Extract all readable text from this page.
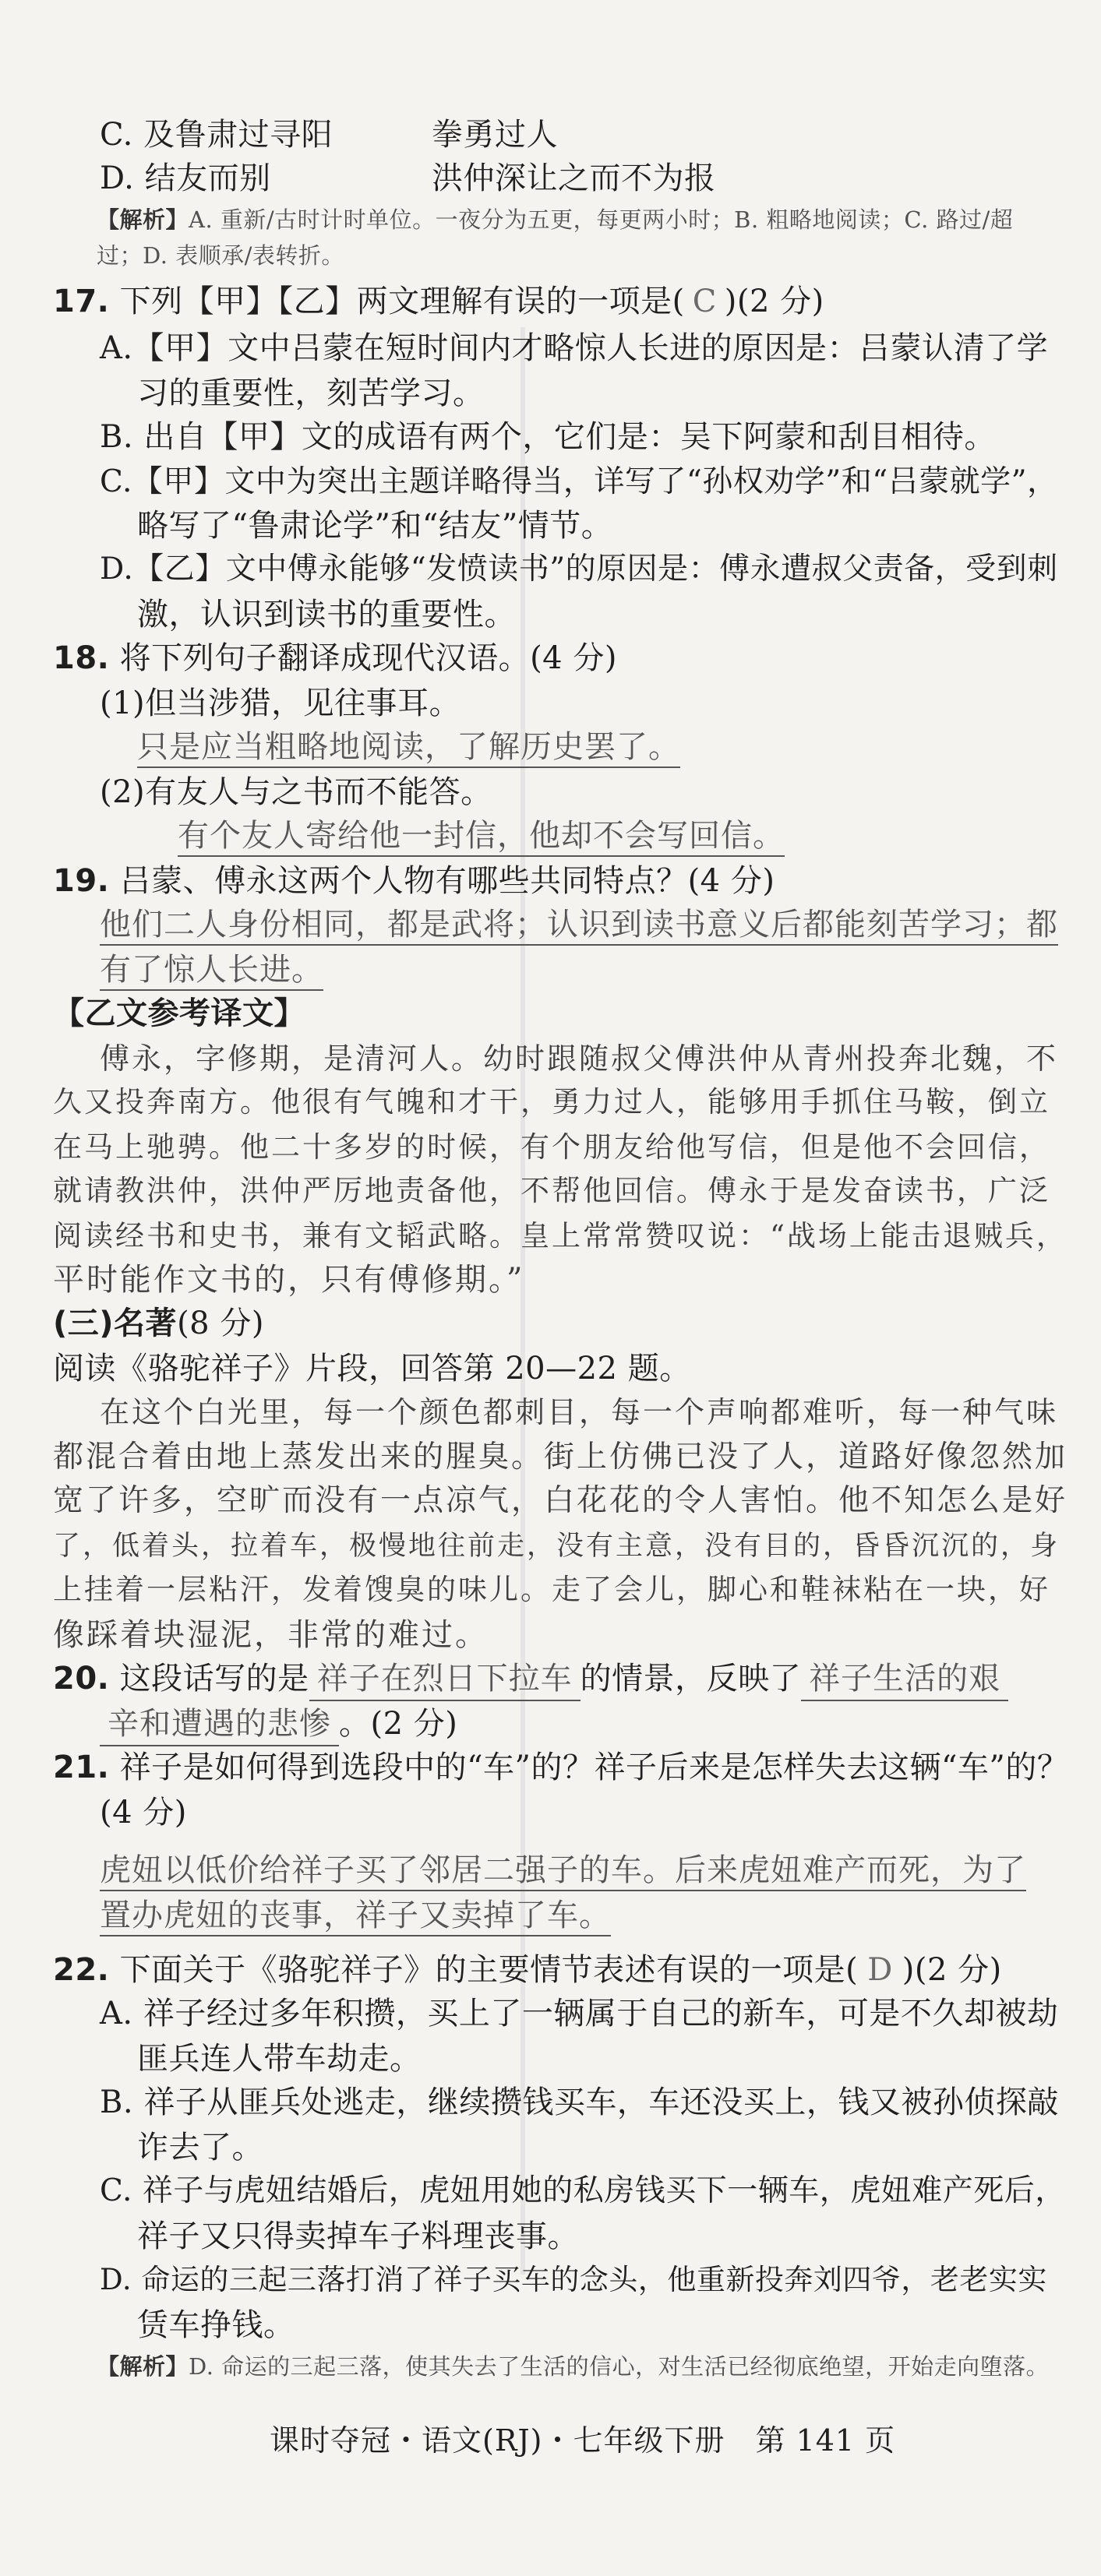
C. 及鲁肃过寻阳	拳勇过人
D. 结友而别	洪仲深让之而不为报
【解析】A. 重新/古时计时单位。一夜分为五更，每更两小时；B. 粗略地阅读；C. 路过/超
过；D. 表顺承/表转折。
17. 下列【甲】【乙】两文理解有误的一项是( C )(2 分)
A.【甲】文中吕蒙在短时间内才略惊人长进的原因是：吕蒙认清了学
习的重要性，刻苦学习。
B. 出自【甲】文的成语有两个，它们是：吴下阿蒙和刮目相待。
C.【甲】文中为突出主题详略得当，详写了“孙权劝学”和“吕蒙就学”，
略写了“鲁肃论学”和“结友”情节。
D.【乙】文中傅永能够“发愤读书”的原因是：傅永遭叔父责备，受到刺
激，认识到读书的重要性。
18. 将下列句子翻译成现代汉语。(4 分)
(1)但当涉猎，见往事耳。
只是应当粗略地阅读，了解历史罢了。
(2)有友人与之书而不能答。
有个友人寄给他一封信，他却不会写回信。
19. 吕蒙、傅永这两个人物有哪些共同特点？(4 分)
他们二人身份相同，都是武将；认识到读书意义后都能刻苦学习；都
有了惊人长进。
【乙文参考译文】
傅永，字修期，是清河人。幼时跟随叔父傅洪仲从青州投奔北魏，不
久又投奔南方。他很有气魄和才干，勇力过人，能够用手抓住马鞍，倒立
在马上驰骋。他二十多岁的时候，有个朋友给他写信，但是他不会回信，
就请教洪仲，洪仲严厉地责备他，不帮他回信。傅永于是发奋读书，广泛
阅读经书和史书，兼有文韬武略。皇上常常赞叹说：“战场上能击退贼兵，
平时能作文书的，只有傅修期。”
(三)名著(8 分)
阅读《骆驼祥子》片段，回答第 20—22 题。
在这个白光里，每一个颜色都刺目，每一个声响都难听，每一种气味
都混合着由地上蒸发出来的腥臭。街上仿佛已没了人，道路好像忽然加
宽了许多，空旷而没有一点凉气，白花花的令人害怕。他不知怎么是好
了，低着头，拉着车，极慢地往前走，没有主意，没有目的，昏昏沉沉的，身
上挂着一层粘汗，发着馊臭的味儿。走了会儿，脚心和鞋袜粘在一块，好
像踩着块湿泥，非常的难过。
20. 这段话写的是 祥子在烈日下拉车 的情景，反映了 祥子生活的艰
辛和遭遇的悲惨 。(2 分)
21. 祥子是如何得到选段中的“车”的？祥子后来是怎样失去这辆“车”的？
(4 分)
虎妞以低价给祥子买了邻居二强子的车。后来虎妞难产而死，为了
置办虎妞的丧事，祥子又卖掉了车。
22. 下面关于《骆驼祥子》的主要情节表述有误的一项是( D )(2 分)
A. 祥子经过多年积攒，买上了一辆属于自己的新车，可是不久却被劫
匪兵连人带车劫走。
B. 祥子从匪兵处逃走，继续攒钱买车，车还没买上，钱又被孙侦探敲
诈去了。
C. 祥子与虎妞结婚后，虎妞用她的私房钱买下一辆车，虎妞难产死后，
祥子又只得卖掉车子料理丧事。
D. 命运的三起三落打消了祥子买车的念头，他重新投奔刘四爷，老老实实
赁车挣钱。
【解析】D. 命运的三起三落，使其失去了生活的信心，对生活已经彻底绝望，开始走向堕落。
课时夺冠・语文(RJ)・七年级下册　第 141 页
